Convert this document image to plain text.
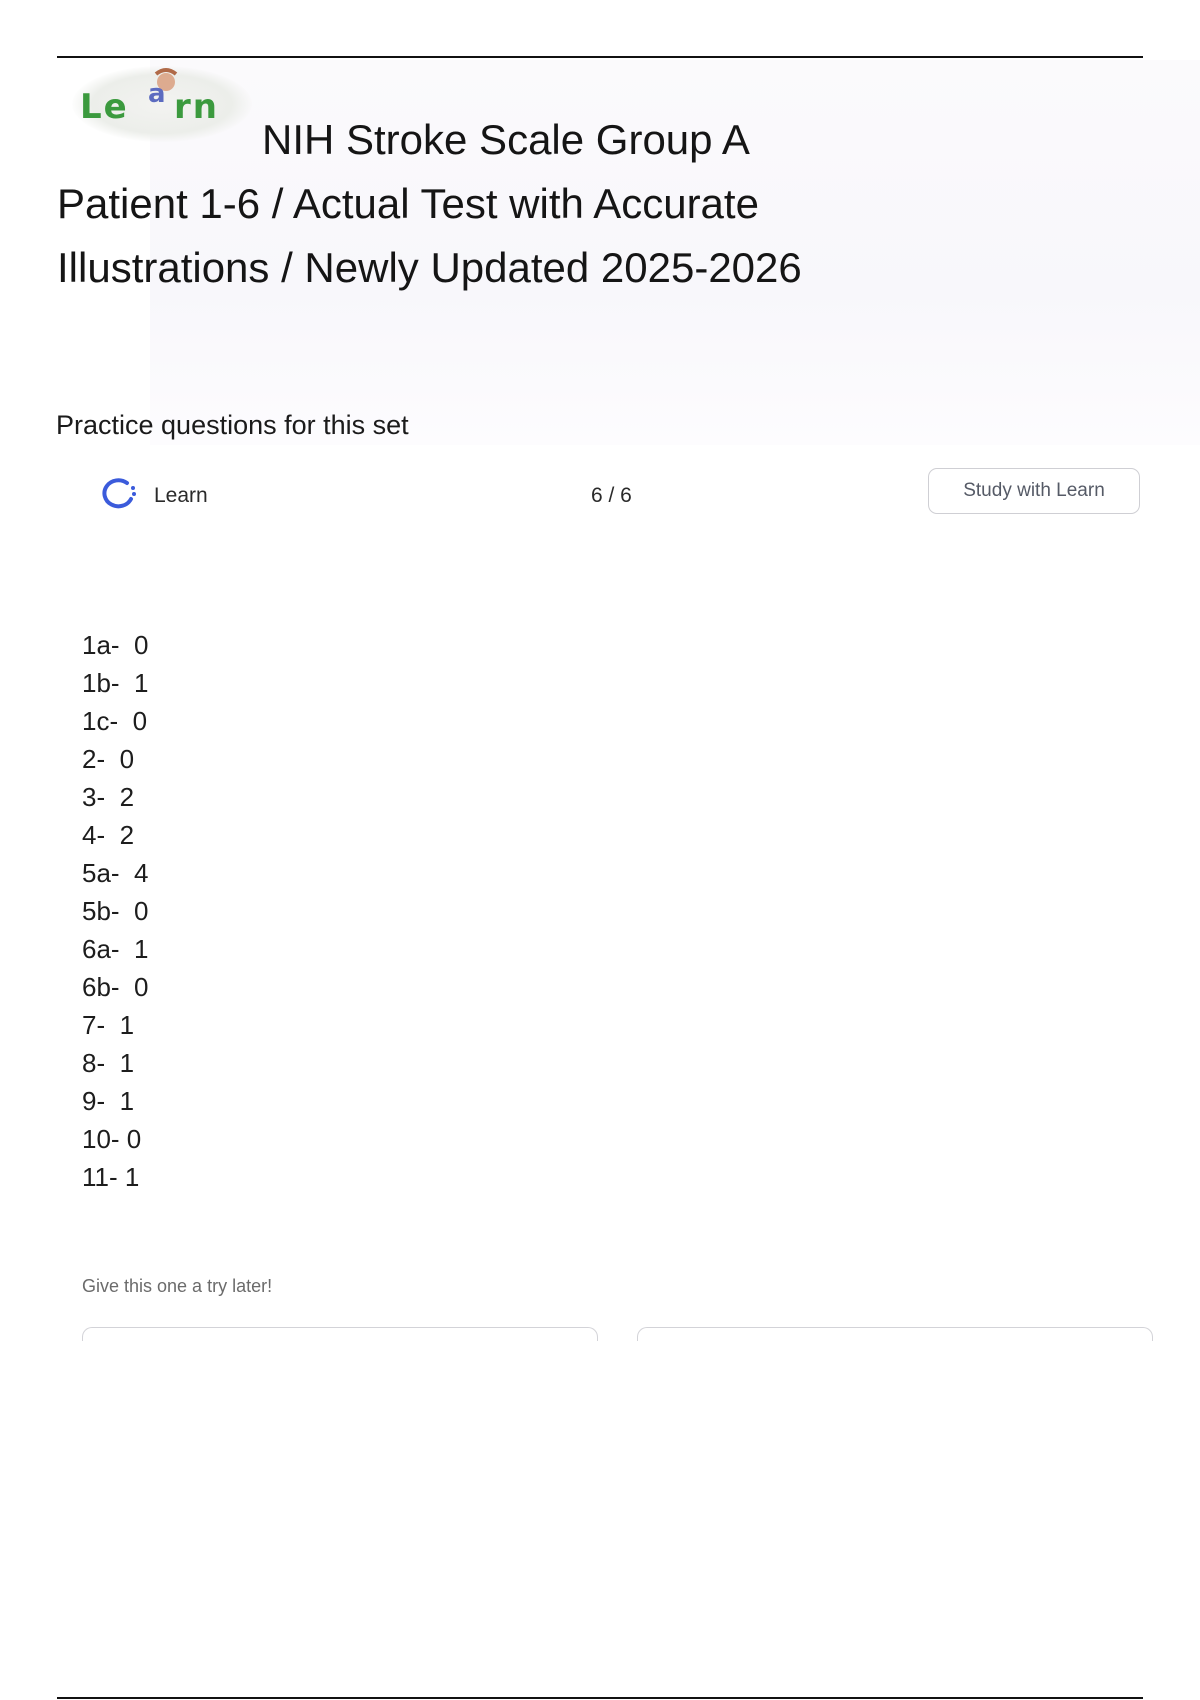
Le a rn
NIH Stroke Scale Group A
Patient 1-6 / Actual Test with Accurate
Illustrations / Newly Updated 2025-2026
Practice questions for this set
Learn	6 / 6	Study with Learn
1a-  0
1b-  1
1c-  0
2-  0
3-  2
4-  2
5a-  4
5b-  0
6a-  1
6b-  0
7-  1
8-  1
9-  1
10- 0
11- 1
Give this one a try later!
